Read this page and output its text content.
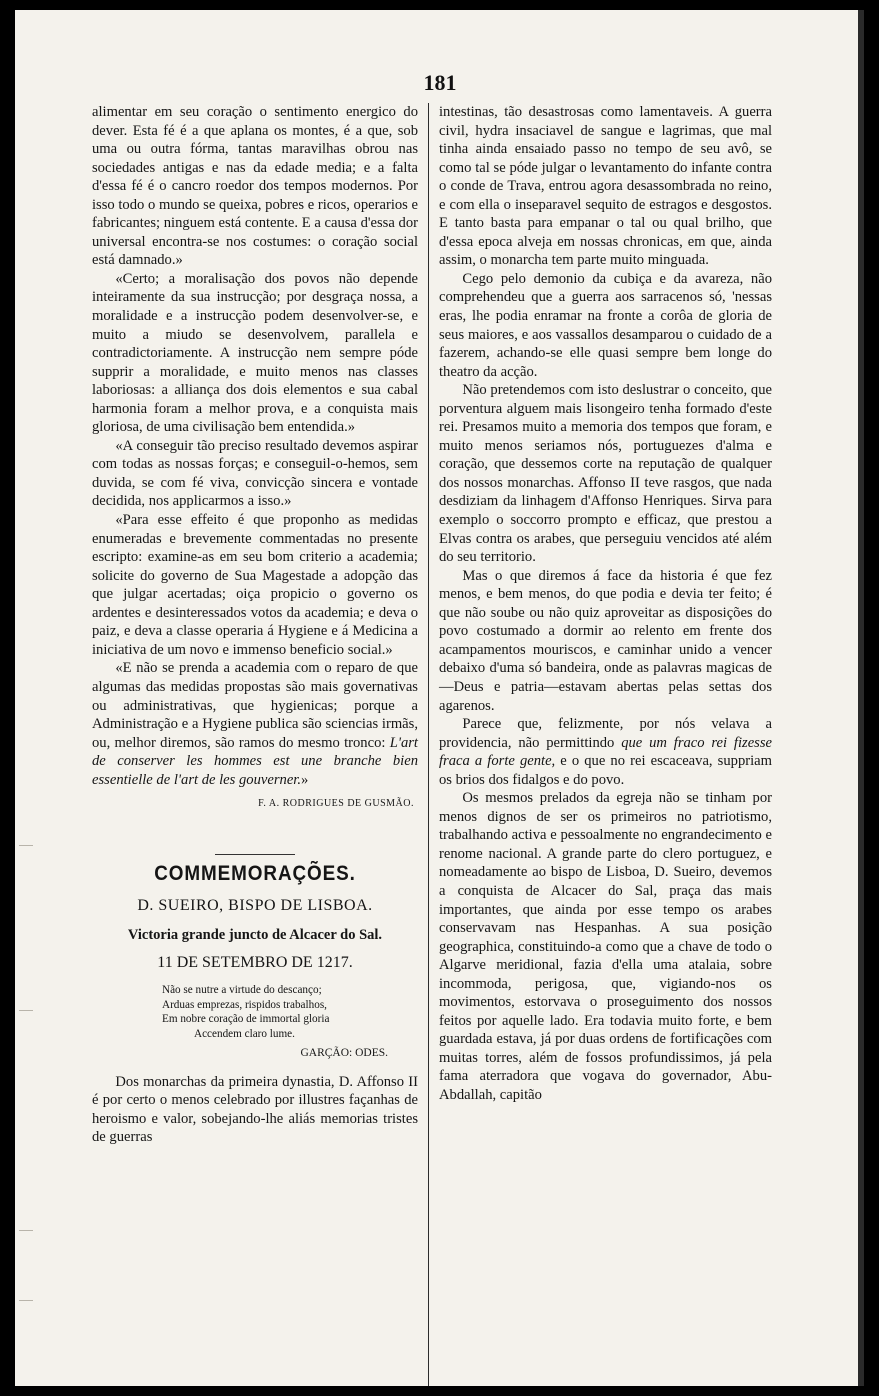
181

alimentar em seu coração o sentimento energico do dever. Esta fé é a que aplana os montes, é a que, sob uma ou outra fórma, tantas maravilhas obrou nas sociedades antigas e nas da edade media; e a falta d'essa fé é o cancro roedor dos tempos modernos. Por isso todo o mundo se queixa, pobres e ricos, operarios e fabricantes; ninguem está contente. E a causa d'essa dor universal encontra-se nos costumes: o coração social está damnado.»

«Certo; a moralisação dos povos não depende inteiramente da sua instrucção; por desgraça nossa, a moralidade e a instrucção podem desenvolver-se, e muito a miudo se desenvolvem, parallela e contradictoriamente. A instrucção nem sempre póde supprir a moralidade, e muito menos nas classes laboriosas: a alliança dos dois elementos e sua cabal harmonia foram a melhor prova, e a conquista mais gloriosa, de uma civilisação bem entendida.»

«A conseguir tão preciso resultado devemos aspirar com todas as nossas forças; e conseguil-o-hemos, sem duvida, se com fé viva, convicção sincera e vontade decidida, nos applicarmos a isso.»

«Para esse effeito é que proponho as medidas enumeradas e brevemente commentadas no presente escripto: examine-as em seu bom criterio a academia; solicite do governo de Sua Magestade a adopção das que julgar acertadas; oiça propicio o governo os ardentes e desinteressados votos da academia; e deva o paiz, e deva a classe operaria á Hygiene e á Medicina a iniciativa de um novo e immenso beneficio social.»

«E não se prenda a academia com o reparo de que algumas das medidas propostas são mais governativas ou administrativas, que hygienicas; porque a Administração e a Hygiene publica são sciencias irmãs, ou, melhor diremos, são ramos do mesmo tronco: L'art de conserver les hommes est une branche bien essentielle de l'art de les gouverner.»

F. A. RODRIGUES DE GUSMÃO.
COMMEMORAÇÕES.
D. SUEIRO, BISPO DE LISBOA.
Victoria grande juncto de Alcacer do Sal.
11 DE SETEMBRO DE 1217.
Não se nutre a virtude do descanço;
Arduas emprezas, rispidos trabalhos,
Em nobre coração de immortal gloria
Accendem claro lume.
GARÇÃO: ODES.

Dos monarchas da primeira dynastia, D. Affonso II é por certo o menos celebrado por illustres façanhas de heroismo e valor, sobejando-lhe aliás memorias tristes de guerras

intestinas, tão desastrosas como lamentaveis. A guerra civil, hydra insaciavel de sangue e lagrimas, que mal tinha ainda ensaiado passo no tempo de seu avô, se como tal se póde julgar o levantamento do infante contra o conde de Trava, entrou agora desassombrada no reino, e com ella o inseparavel sequito de estragos e desgostos. E tanto basta para empanar o tal ou qual brilho, que d'essa epoca alveja em nossas chronicas, em que, ainda assim, o monarcha tem parte muito minguada.

Cego pelo demonio da cubiça e da avareza, não comprehendeu que a guerra aos sarracenos só, 'nessas eras, lhe podia enramar na fronte a corôa de gloria de seus maiores, e aos vassallos desamparou o cuidado de a fazerem, achando-se elle quasi sempre bem longe do theatro da acção.

Não pretendemos com isto deslustrar o conceito, que porventura alguem mais lisongeiro tenha formado d'este rei. Presamos muito a memoria dos tempos que foram, e muito menos seriamos nós, portuguezes d'alma e coração, que dessemos corte na reputação de qualquer dos nossos monarchas. Affonso II teve rasgos, que nada desdiziam da linhagem d'Affonso Henriques. Sirva para exemplo o soccorro prompto e efficaz, que prestou a Elvas contra os arabes, que perseguiu vencidos até além do seu territorio.

Mas o que diremos á face da historia é que fez menos, e bem menos, do que podia e devia ter feito; é que não soube ou não quiz aproveitar as disposições do povo costumado a dormir ao relento em frente dos acampamentos mouriscos, e caminhar unido a vencer debaixo d'uma só bandeira, onde as palavras magicas de—Deus e patria—estavam abertas pelas settas dos agarenos.

Parece que, felizmente, por nós velava a providencia, não permittindo que um fraco rei fizesse fraca a forte gente, e o que no rei escaceava, suppriam os brios dos fidalgos e do povo.

Os mesmos prelados da egreja não se tinham por menos dignos de ser os primeiros no patriotismo, trabalhando activa e pessoalmente no engrandecimento e renome nacional. A grande parte do clero portuguez, e nomeadamente ao bispo de Lisboa, D. Sueiro, devemos a conquista de Alcacer do Sal, praça das mais importantes, que ainda por esse tempo os arabes conservavam nas Hespanhas. A sua posição geographica, constituindo-a como que a chave de todo o Algarve meridional, fazia d'ella uma atalaia, sobre incommoda, perigosa, que, vigiando-nos os movimentos, estorvava o proseguimento dos nossos feitos por aquelle lado. Era todavia muito forte, e bem guardada estava, já por duas ordens de fortificações com muitas torres, além de fossos profundissimos, já pela fama aterradora que vogava do governador, Abu-Abdallah, capitão
